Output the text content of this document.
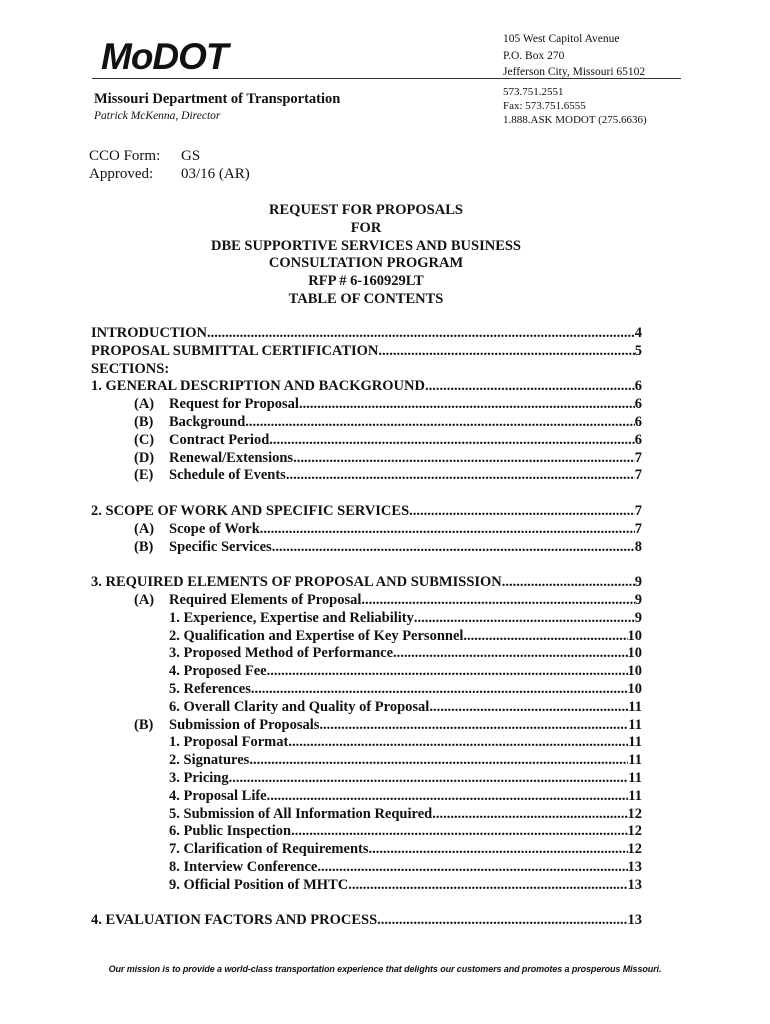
MoDOT	105 West Capitol Avenue
P.O. Box 270
Jefferson City, Missouri 65102
573.751.2551
Fax: 573.751.6555
1.888.ASK MODOT (275.6636)
Missouri Department of Transportation
Patrick McKenna, Director
CCO Form:	GS
Approved:	03/16 (AR)
REQUEST FOR PROPOSALS
FOR
DBE SUPPORTIVE SERVICES AND BUSINESS
CONSULTATION PROGRAM
RFP # 6-160929LT
TABLE OF CONTENTS
INTRODUCTION .....	4
PROPOSAL SUBMITTAL CERTIFICATION .....	5
SECTIONS:
1. GENERAL DESCRIPTION AND BACKGROUND .....	6
(A) Request for Proposal .....	6
(B) Background .....	6
(C) Contract Period .....	6
(D) Renewal/Extensions .....	7
(E) Schedule of Events .....	7
2. SCOPE OF WORK AND SPECIFIC SERVICES .....	7
(A) Scope of Work .....	7
(B) Specific Services .....	8
3. REQUIRED ELEMENTS OF PROPOSAL AND SUBMISSION .....	9
(A) Required Elements of Proposal .....	9
1. Experience, Expertise and Reliability .....	9
2. Qualification and Expertise of Key Personnel .....	10
3. Proposed Method of Performance .....	10
4. Proposed Fee .....	10
5. References .....	10
6. Overall Clarity and Quality of Proposal .....	11
(B) Submission of Proposals .....	11
1. Proposal Format .....	11
2. Signatures .....	11
3. Pricing .....	11
4. Proposal Life .....	11
5. Submission of All Information Required .....	12
6. Public Inspection .....	12
7. Clarification of Requirements .....	12
8. Interview Conference .....	13
9. Official Position of MHTC .....	13
4. EVALUATION FACTORS AND PROCESS .....	13
Our mission is to provide a world-class transportation experience that delights our customers and promotes a prosperous Missouri.
